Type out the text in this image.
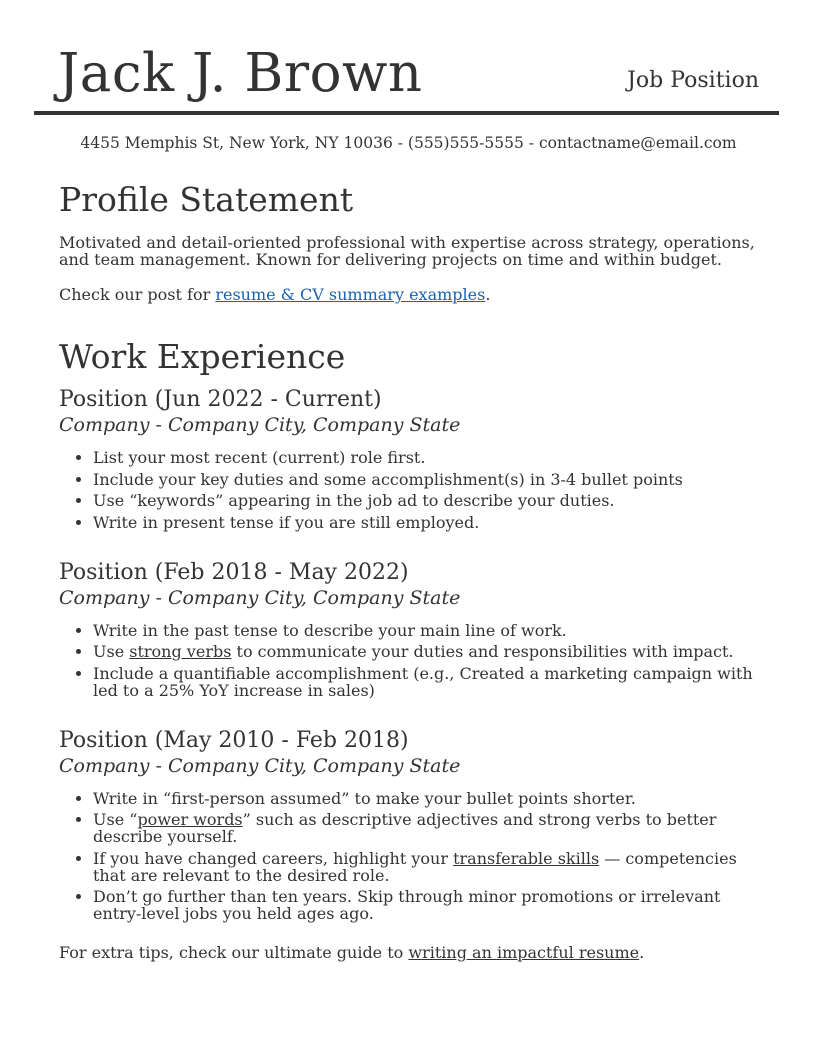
Jack J. Brown	Job Position
4455 Memphis St, New York, NY 10036 - (555)555-5555 - contactname@email.com
Profile Statement

Motivated and detail-oriented professional with expertise across strategy, operations, and team management. Known for delivering projects on time and within budget.

Check our post for resume & CV summary examples.

Work Experience
Position (Jun 2022 - Current)
Company - Company City, Company State
• List your most recent (current) role first.
• Include your key duties and some accomplishment(s) in 3-4 bullet points
• Use “keywords” appearing in the job ad to describe your duties.
• Write in present tense if you are still employed.
Position (Feb 2018 - May 2022)
Company - Company City, Company State
• Write in the past tense to describe your main line of work.
• Use strong verbs to communicate your duties and responsibilities with impact.
• Include a quantifiable accomplishment (e.g., Created a marketing campaign with led to a 25% YoY increase in sales)
Position (May 2010 - Feb 2018)
Company - Company City, Company State
• Write in “first-person assumed” to make your bullet points shorter.
• Use “power words” such as descriptive adjectives and strong verbs to better describe yourself.
• If you have changed careers, highlight your transferable skills — competencies that are relevant to the desired role.
• Don’t go further than ten years. Skip through minor promotions or irrelevant entry-level jobs you held ages ago.

For extra tips, check our ultimate guide to writing an impactful resume.
